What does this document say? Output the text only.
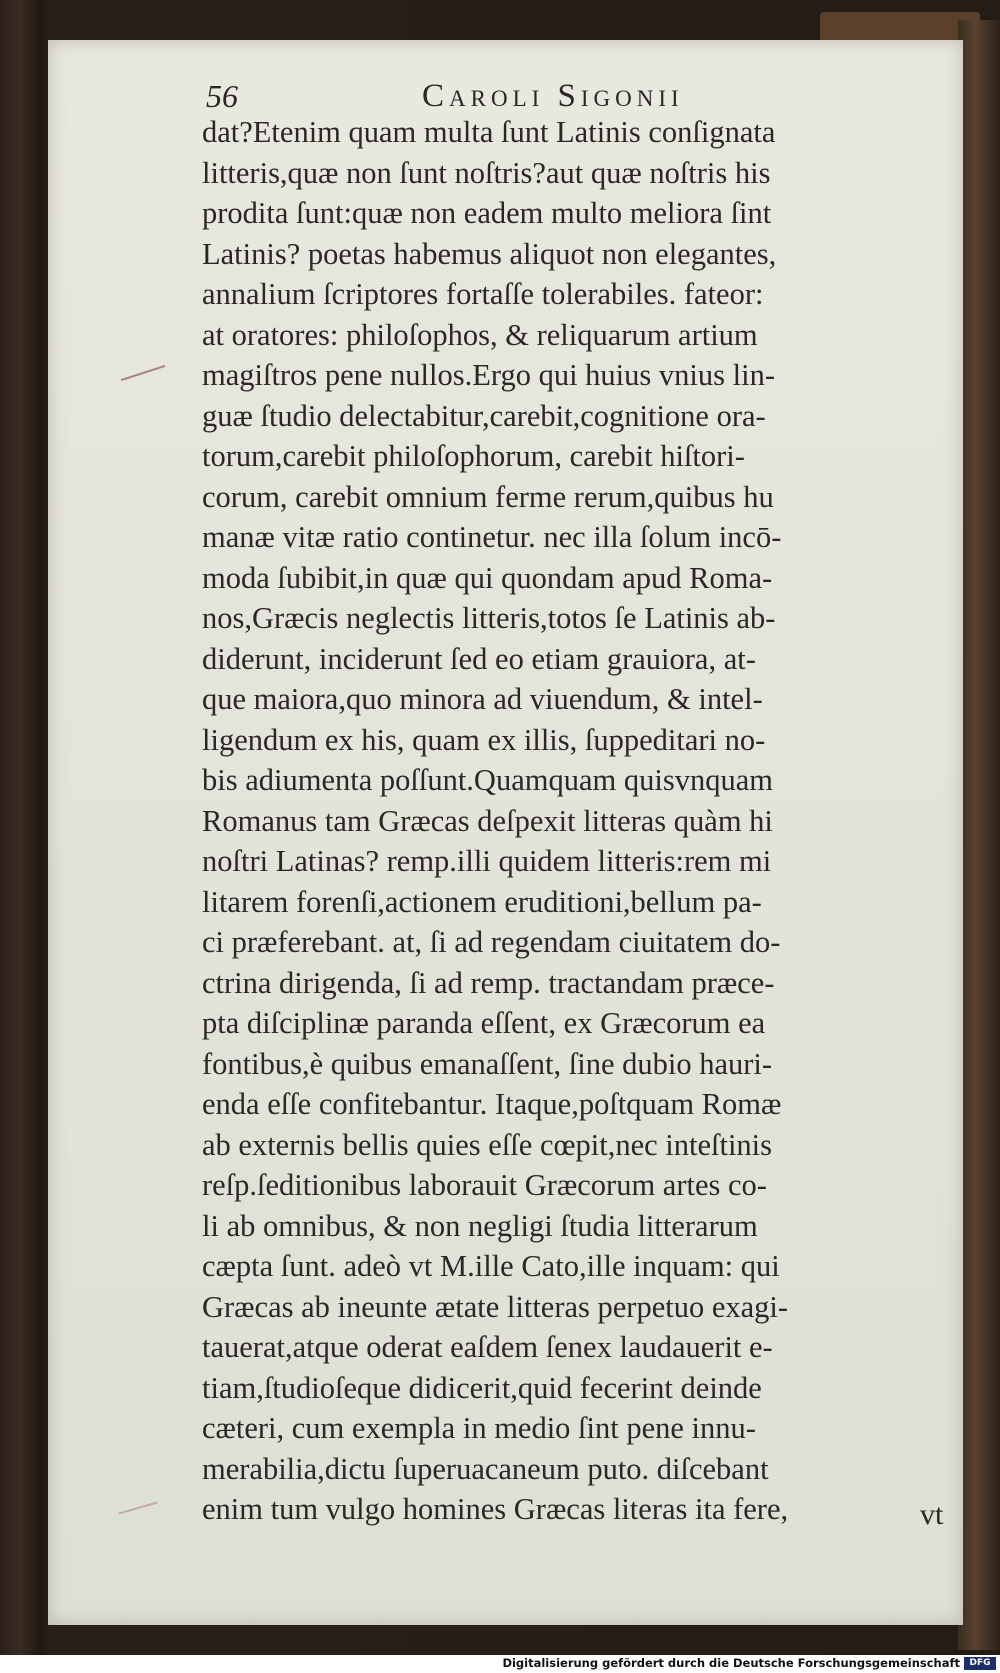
56	Caroli Sigonii
dat?Etenim quam multa ſunt Latinis conſignata
litteris,quæ non ſunt noſtris?aut quæ noſtris his
prodita ſunt:quæ non eadem multo meliora ſint
Latinis? poetas habemus aliquot non elegantes,
annalium ſcriptores fortaſſe tolerabiles. fateor:
at oratores: philoſophos, & reliquarum artium
magiſtros pene nullos.Ergo qui huius vnius lin-
guæ ſtudio delectabitur,carebit,cognitione ora-
torum,carebit philoſophorum, carebit hiſtori-
corum, carebit omnium ferme rerum,quibus hu
manæ vitæ ratio continetur. nec illa ſolum incō-
moda ſubibit,in quæ qui quondam apud Roma-
nos,Græcis neglectis litteris,totos ſe Latinis ab-
diderunt, inciderunt ſed eo etiam grauiora, at-
que maiora,quo minora ad viuendum, & intel-
ligendum ex his, quam ex illis, ſuppeditari no-
bis adiumenta poſſunt.Quamquam quisvnquam
Romanus tam Græcas deſpexit litteras quàm hi
noſtri Latinas? remp.illi quidem litteris:rem mi
litarem forenſi,actionem eruditioni,bellum pa-
ci præferebant. at, ſi ad regendam ciuitatem do-
ctrina dirigenda, ſi ad remp. tractandam præce-
pta diſciplinæ paranda eſſent, ex Græcorum ea
fontibus,è quibus emanaſſent, ſine dubio hauri-
enda eſſe confitebantur. Itaque,poſtquam Romæ
ab externis bellis quies eſſe cœpit,nec inteſtinis
reſp.ſeditionibus laborauit Græcorum artes co-
li ab omnibus, & non negligi ſtudia litterarum
cæpta ſunt. adeò vt M.ille Cato,ille inquam: qui
Græcas ab ineunte ætate litteras perpetuo exagi-
tauerat,atque oderat eaſdem ſenex laudauerit e-
tiam,ſtudioſeque didicerit,quid fecerint deinde
cæteri, cum exempla in medio ſint pene innu-
merabilia,dictu ſuperuacaneum puto. diſcebant
enim tum vulgo homines Græcas literas ita fere,	vt
Digitalisierung gefördert durch die Deutsche Forschungsgemeinschaft	DFG
